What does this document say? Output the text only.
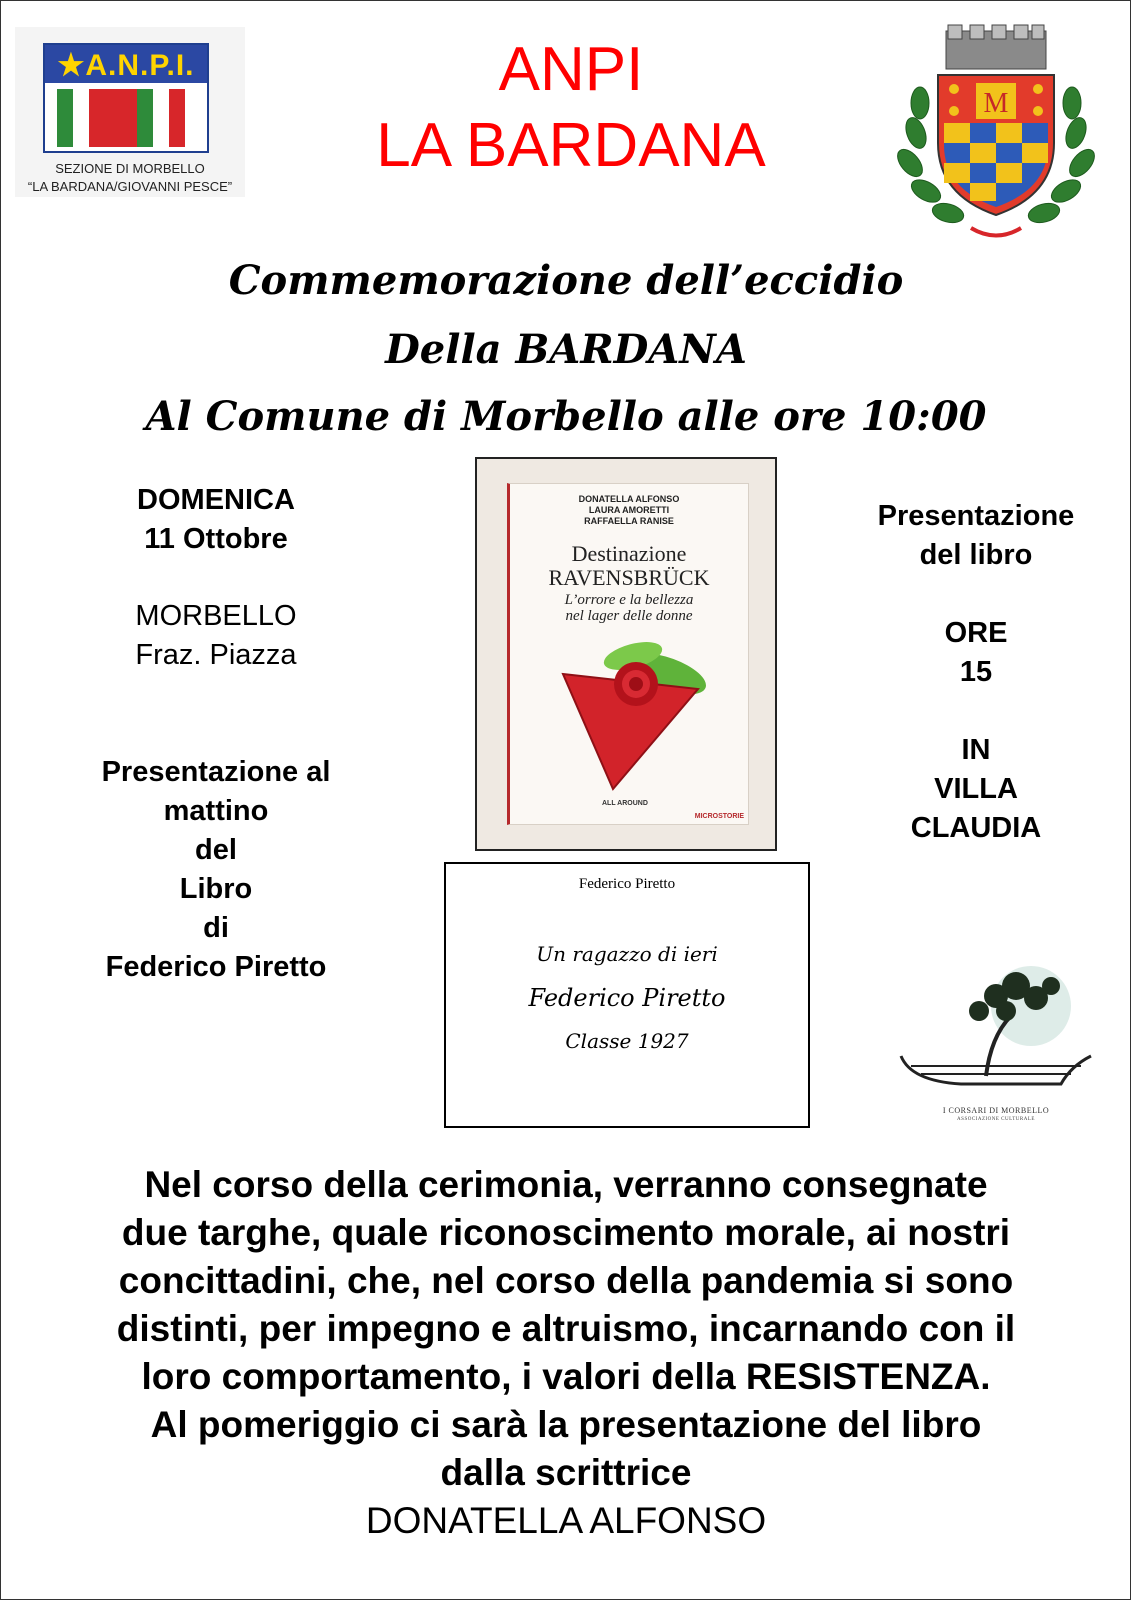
★A.N.P.I.
SEZIONE DI MORBELLO
“LA BARDANA/GIOVANNI PESCE”
ANPI
LA BARDANA
M
Commemorazione dell’eccidio
Della BARDANA
Al Comune di Morbello alle ore 10:00
DOMENICA
11 Ottobre
MORBELLO
Fraz. Piazza
Presentazione al
mattino
del
Libro
di
Federico Piretto
Presentazione
del libro
ORE
15
IN
VILLA
CLAUDIA
DONATELLA ALFONSO
LAURA AMORETTI
RAFFAELLA RANISE
Destinazione
RAVENSBRÜCK
L’orrore e la bellezza
nel lager delle donne
ALL AROUND
MICROSTORIE
Federico Piretto
Un ragazzo di ieri
Federico Piretto
Classe 1927
I CORSARI DI MORBELLO
ASSOCIAZIONE CULTURALE
Nel corso della cerimonia, verranno consegnate
due targhe, quale riconoscimento morale, ai nostri
concittadini, che, nel corso della pandemia si sono
distinti, per impegno e altruismo, incarnando con il
loro comportamento, i valori della RESISTENZA.
Al pomeriggio ci sarà la presentazione del libro
dalla scrittrice
DONATELLA ALFONSO
